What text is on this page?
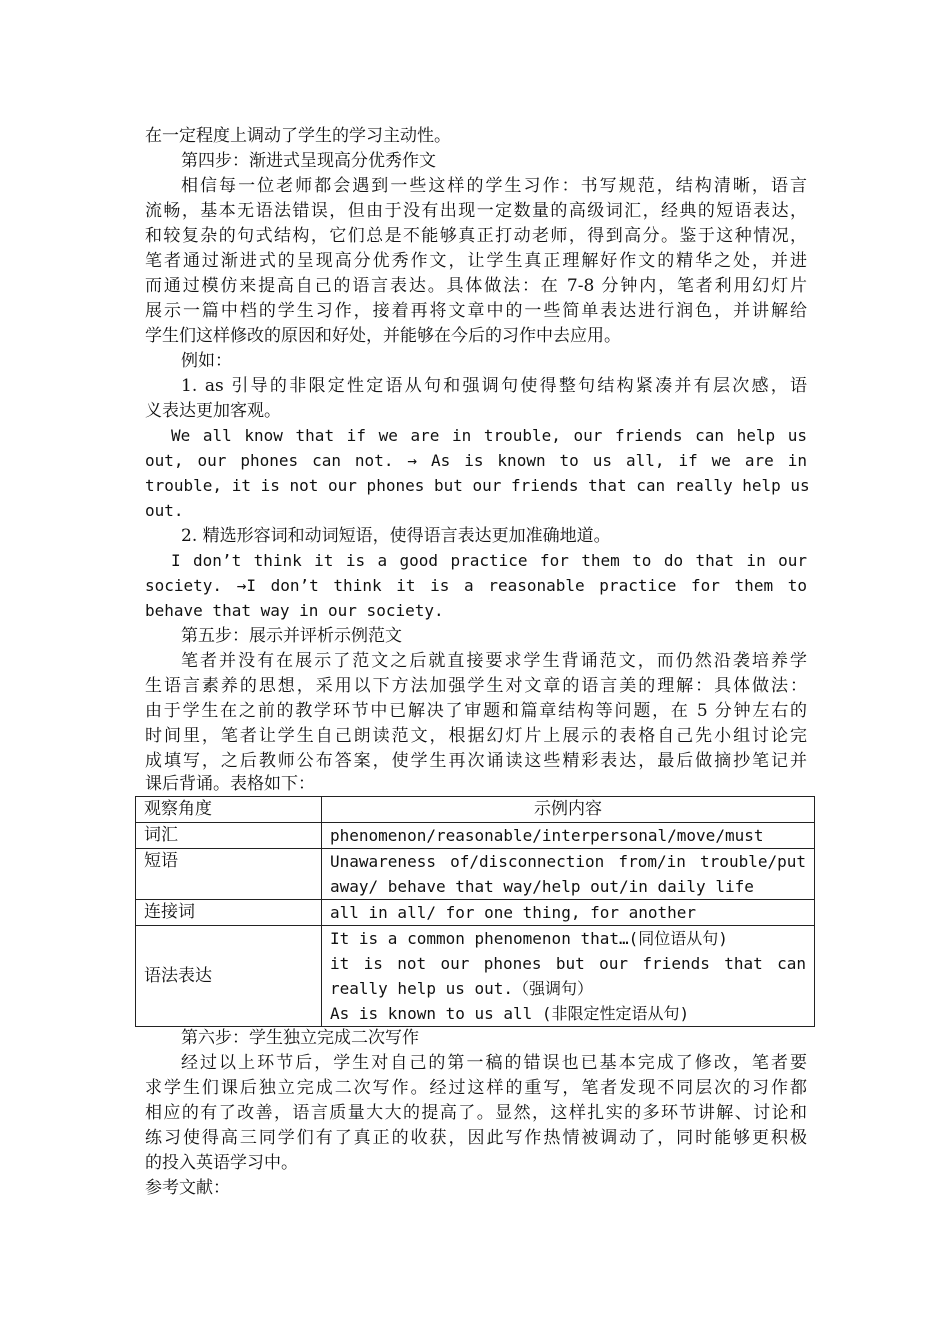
在一定程度上调动了学生的学习主动性。
第四步：渐进式呈现高分优秀作文
相信每一位老师都会遇到一些这样的学生习作：书写规范，结构清晰，语言
流畅，基本无语法错误，但由于没有出现一定数量的高级词汇，经典的短语表达，
和较复杂的句式结构，它们总是不能够真正打动老师，得到高分。鉴于这种情况，
笔者通过渐进式的呈现高分优秀作文，让学生真正理解好作文的精华之处，并进
而通过模仿来提高自己的语言表达。具体做法：在 7-8 分钟内，笔者利用幻灯片
展示一篇中档的学生习作，接着再将文章中的一些简单表达进行润色，并讲解给
学生们这样修改的原因和好处，并能够在今后的习作中去应用。
例如：
1. as 引导的非限定性定语从句和强调句使得整句结构紧凑并有层次感，语
义表达更加客观。
We all know that if we are in trouble, our friends can help us
out, our phones can not. → As is known to us all, if we are in
trouble, it is not our phones but our friends that can really help us
out.
2. 精选形容词和动词短语，使得语言表达更加准确地道。
I don’t think it is a good practice for them to do that in our
society. →I don’t think it is a reasonable practice for them to
behave that way in our society.
第五步：展示并评析示例范文
笔者并没有在展示了范文之后就直接要求学生背诵范文，而仍然沿袭培养学
生语言素养的思想，采用以下方法加强学生对文章的语言美的理解：具体做法：
由于学生在之前的教学环节中已解决了审题和篇章结构等问题，在 5 分钟左右的
时间里，笔者让学生自己朗读范文，根据幻灯片上展示的表格自己先小组讨论完
成填写，之后教师公布答案，使学生再次诵读这些精彩表达，最后做摘抄笔记并
课后背诵。表格如下：
观察角度	示例内容

词汇	phenomenon/reasonable/interpersonal/move/must

短语	Unawareness of/disconnection from/in trouble/put
away/ behave that way/help out/in daily life

连接词	all in all/ for one thing, for another

语法表达	It is a common phenomenon that…(同位语从句)
it is not our phones but our friends that can
really help us out.（强调句）
As is known to us all (非限定性定语从句)
第六步：学生独立完成二次写作
经过以上环节后，学生对自己的第一稿的错误也已基本完成了修改，笔者要
求学生们课后独立完成二次写作。经过这样的重写，笔者发现不同层次的习作都
相应的有了改善，语言质量大大的提高了。显然，这样扎实的多环节讲解、讨论和
练习使得高三同学们有了真正的收获，因此写作热情被调动了，同时能够更积极
的投入英语学习中。
参考文献：
